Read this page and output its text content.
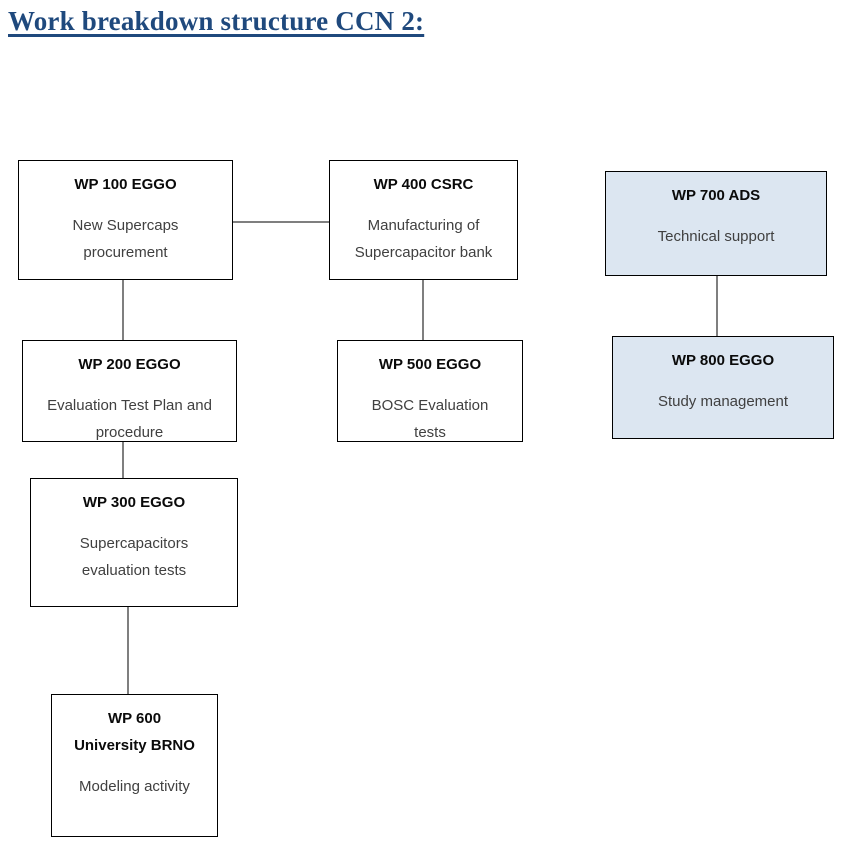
Work breakdown structure CCN 2:
WP 100 EGGO
New Supercaps
procurement
WP 400 CSRC
Manufacturing of
Supercapacitor bank
WP 700 ADS
Technical support
WP 200 EGGO
Evaluation Test Plan and
procedure
WP 500 EGGO
BOSC Evaluation
tests
WP 800 EGGO
Study management
WP 300 EGGO
Supercapacitors
evaluation tests
WP 600
University BRNO
Modeling activity
